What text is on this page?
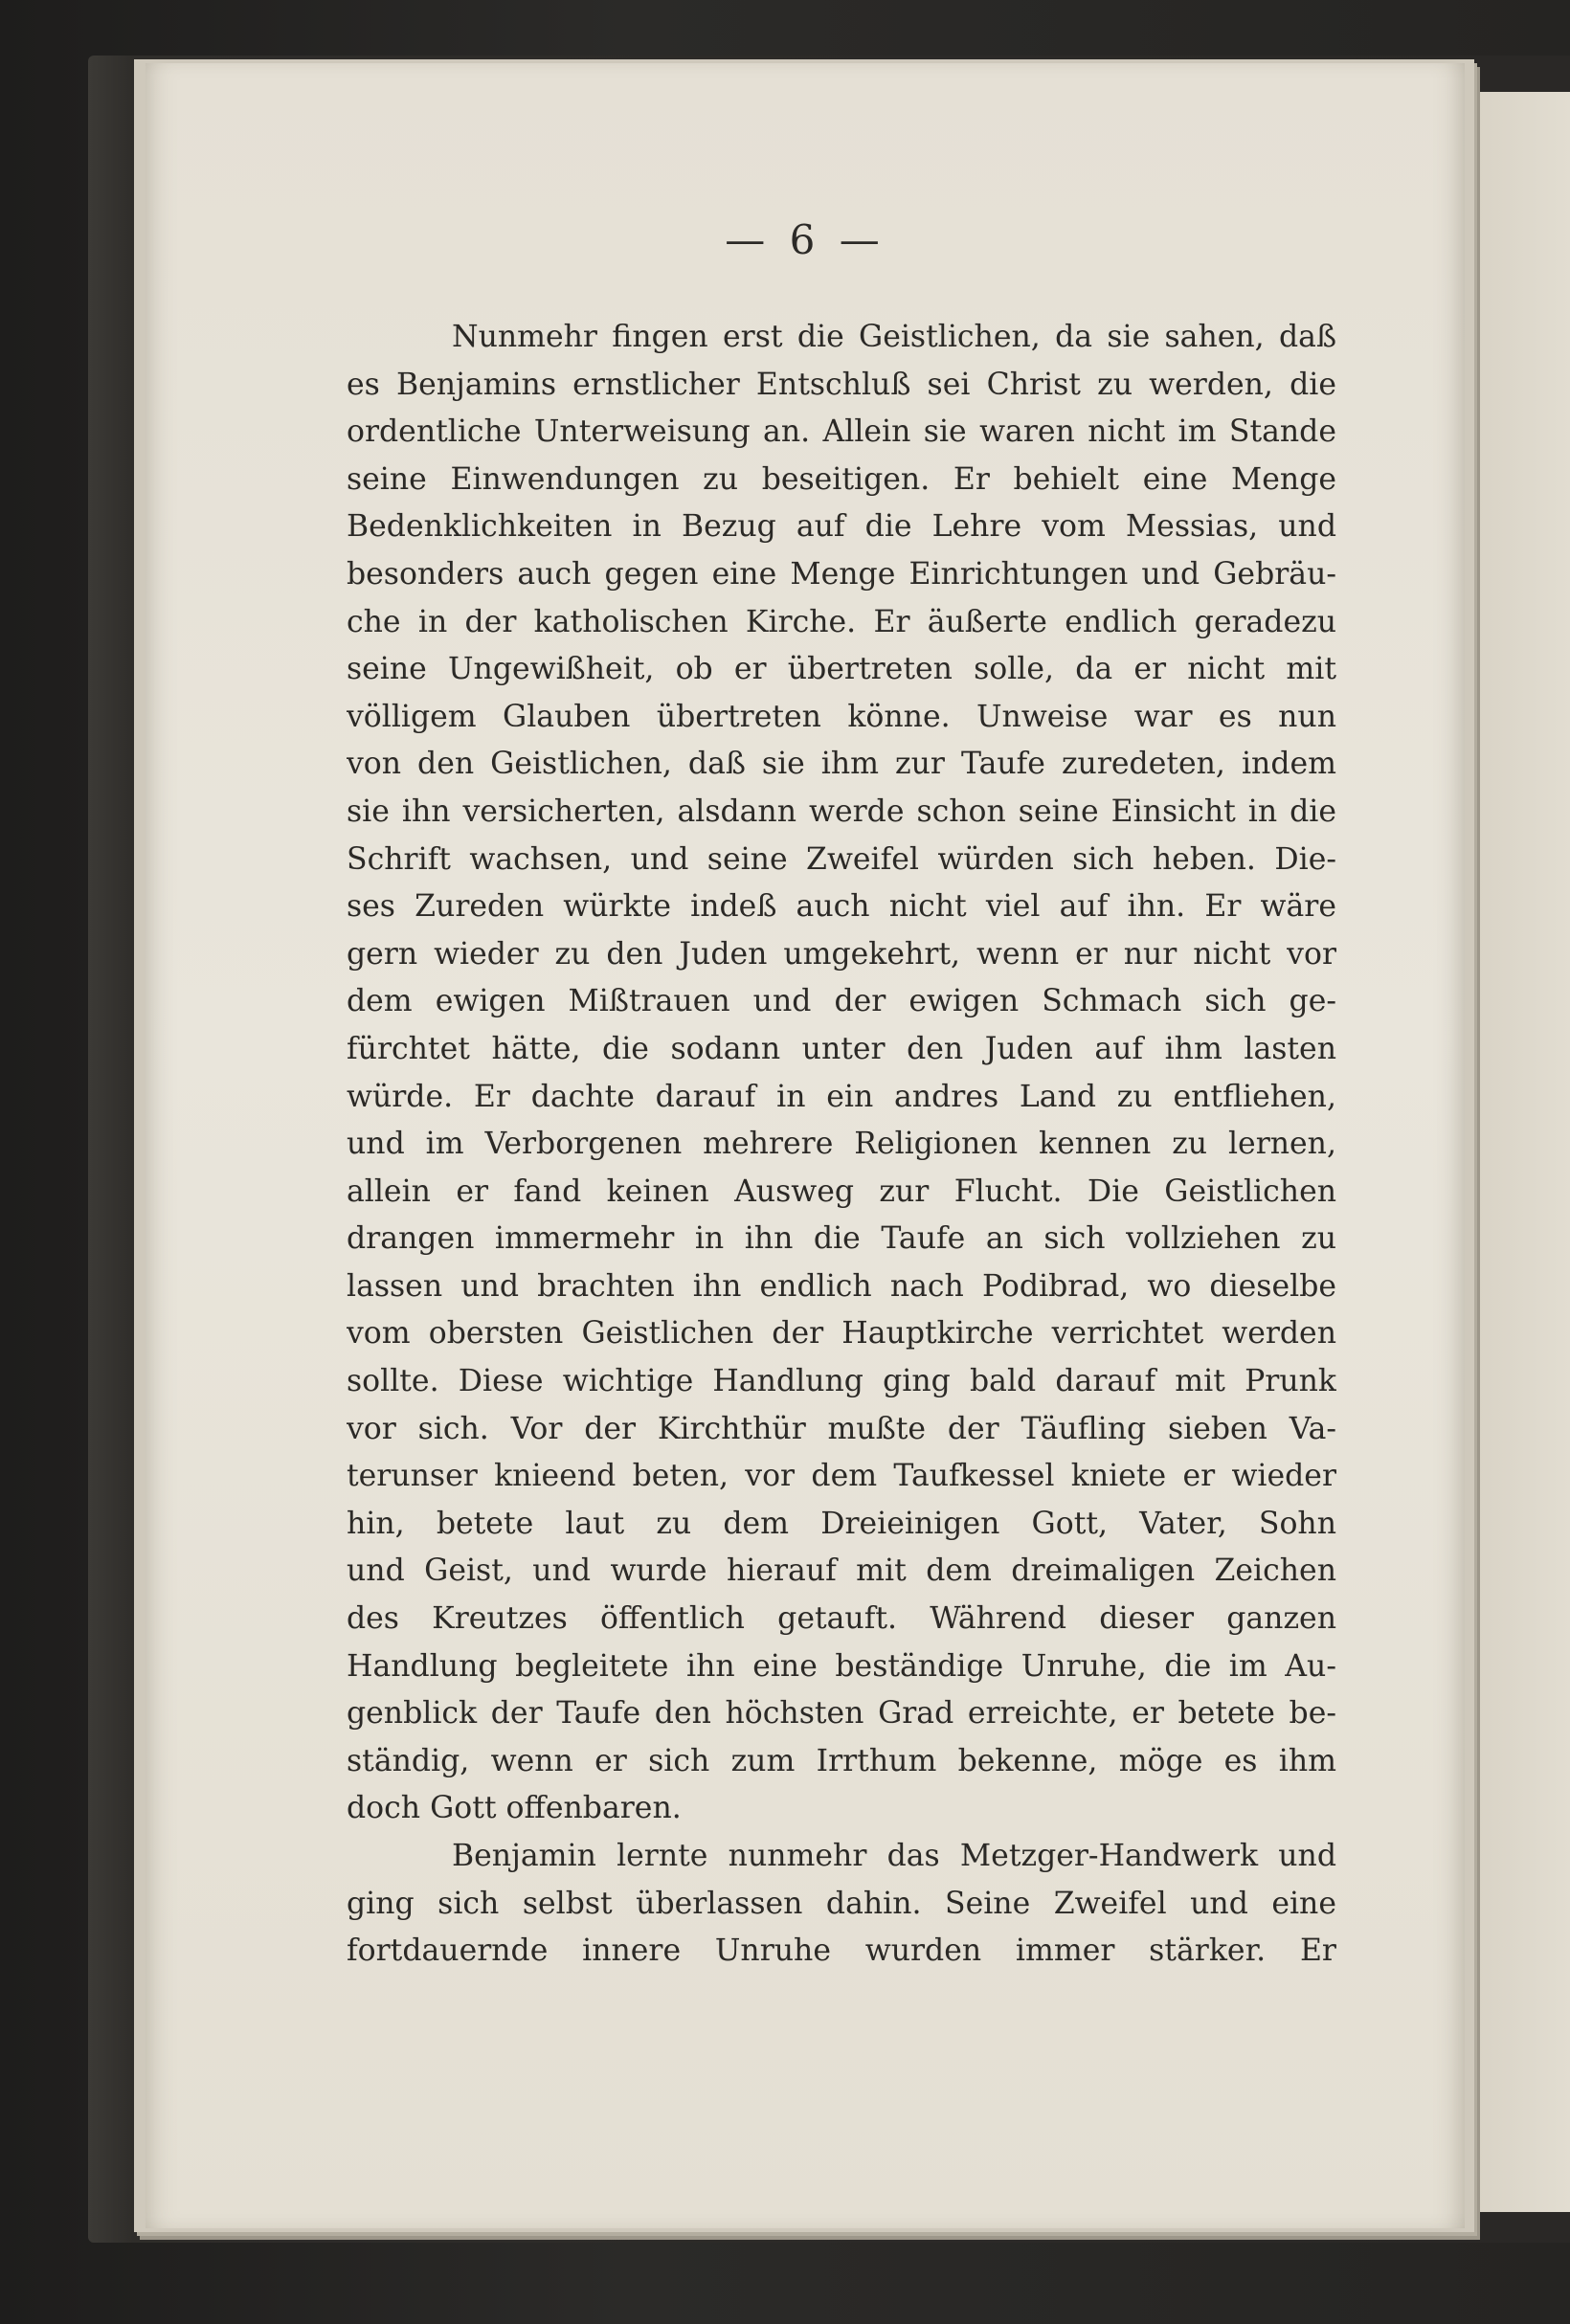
— 6 —
Nunmehr fingen erst die Geistlichen, da sie sahen, daß
es Benjamins ernstlicher Entschluß sei Christ zu werden, die
ordentliche Unterweisung an. Allein sie waren nicht im Stande
seine Einwendungen zu beseitigen. Er behielt eine Menge
Bedenklichkeiten in Bezug auf die Lehre vom Messias, und
besonders auch gegen eine Menge Einrichtungen und Gebräu-
che in der katholischen Kirche. Er äußerte endlich geradezu
seine Ungewißheit, ob er übertreten solle, da er nicht mit
völligem Glauben übertreten könne. Unweise war es nun
von den Geistlichen, daß sie ihm zur Taufe zuredeten, indem
sie ihn versicherten, alsdann werde schon seine Einsicht in die
Schrift wachsen, und seine Zweifel würden sich heben. Die-
ses Zureden würkte indeß auch nicht viel auf ihn. Er wäre
gern wieder zu den Juden umgekehrt, wenn er nur nicht vor
dem ewigen Mißtrauen und der ewigen Schmach sich ge-
fürchtet hätte, die sodann unter den Juden auf ihm lasten
würde. Er dachte darauf in ein andres Land zu entfliehen,
und im Verborgenen mehrere Religionen kennen zu lernen,
allein er fand keinen Ausweg zur Flucht. Die Geistlichen
drangen immermehr in ihn die Taufe an sich vollziehen zu
lassen und brachten ihn endlich nach Podibrad, wo dieselbe
vom obersten Geistlichen der Hauptkirche verrichtet werden
sollte. Diese wichtige Handlung ging bald darauf mit Prunk
vor sich. Vor der Kirchthür mußte der Täufling sieben Va-
terunser knieend beten, vor dem Taufkessel kniete er wieder
hin, betete laut zu dem Dreieinigen Gott, Vater, Sohn
und Geist, und wurde hierauf mit dem dreimaligen Zeichen
des Kreutzes öffentlich getauft. Während dieser ganzen
Handlung begleitete ihn eine beständige Unruhe, die im Au-
genblick der Taufe den höchsten Grad erreichte, er betete be-
ständig, wenn er sich zum Irrthum bekenne, möge es ihm
doch Gott offenbaren.
Benjamin lernte nunmehr das Metzger-Handwerk und
ging sich selbst überlassen dahin. Seine Zweifel und eine
fortdauernde innere Unruhe wurden immer stärker. Er
